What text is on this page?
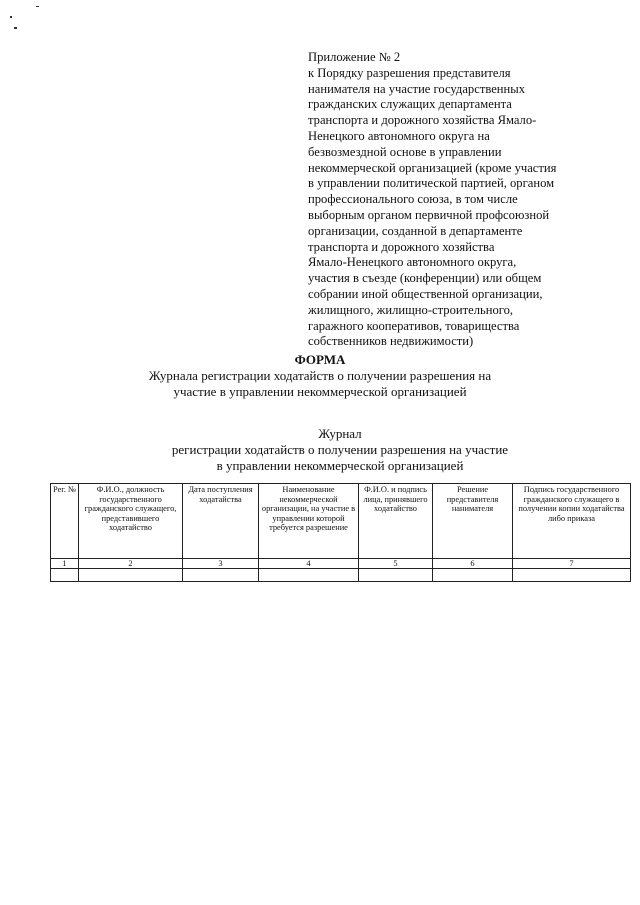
Приложение № 2
к Порядку разрешения представителя
нанимателя на участие государственных
гражданских служащих департамента
транспорта и дорожного хозяйства Ямало-
Ненецкого автономного округа на
безвозмездной основе в управлении
некоммерческой организацией (кроме участия
в управлении политической партией, органом
профессионального союза, в том числе
выборным органом первичной профсоюзной
организации, созданной в департаменте
транспорта и дорожного хозяйства
Ямало-Ненецкого автономного округа,
участия в съезде (конференции) или общем
собрании иной общественной организации,
жилищного, жилищно-строительного,
гаражного кооперативов, товарищества
собственников недвижимости)
ФОРМА
Журнала регистрации ходатайств о получении разрешения на
участие в управлении некоммерческой организацией
Журнал
регистрации ходатайств о получении разрешения на участие
в управлении некоммерческой организацией
Рег. №	Ф.И.О., должность государственного гражданского служащего, представившего ходатайство	Дата поступления ходатайства	Наименование некоммерческой организации, на участие в управлении которой требуется разрешение	Ф.И.О. и подпись лица, принявшего ходатайство	Решение представителя нанимателя	Подпись государственного гражданского служащего в получении копии ходатайства либо приказа
1	2	3	4	5	6	7
